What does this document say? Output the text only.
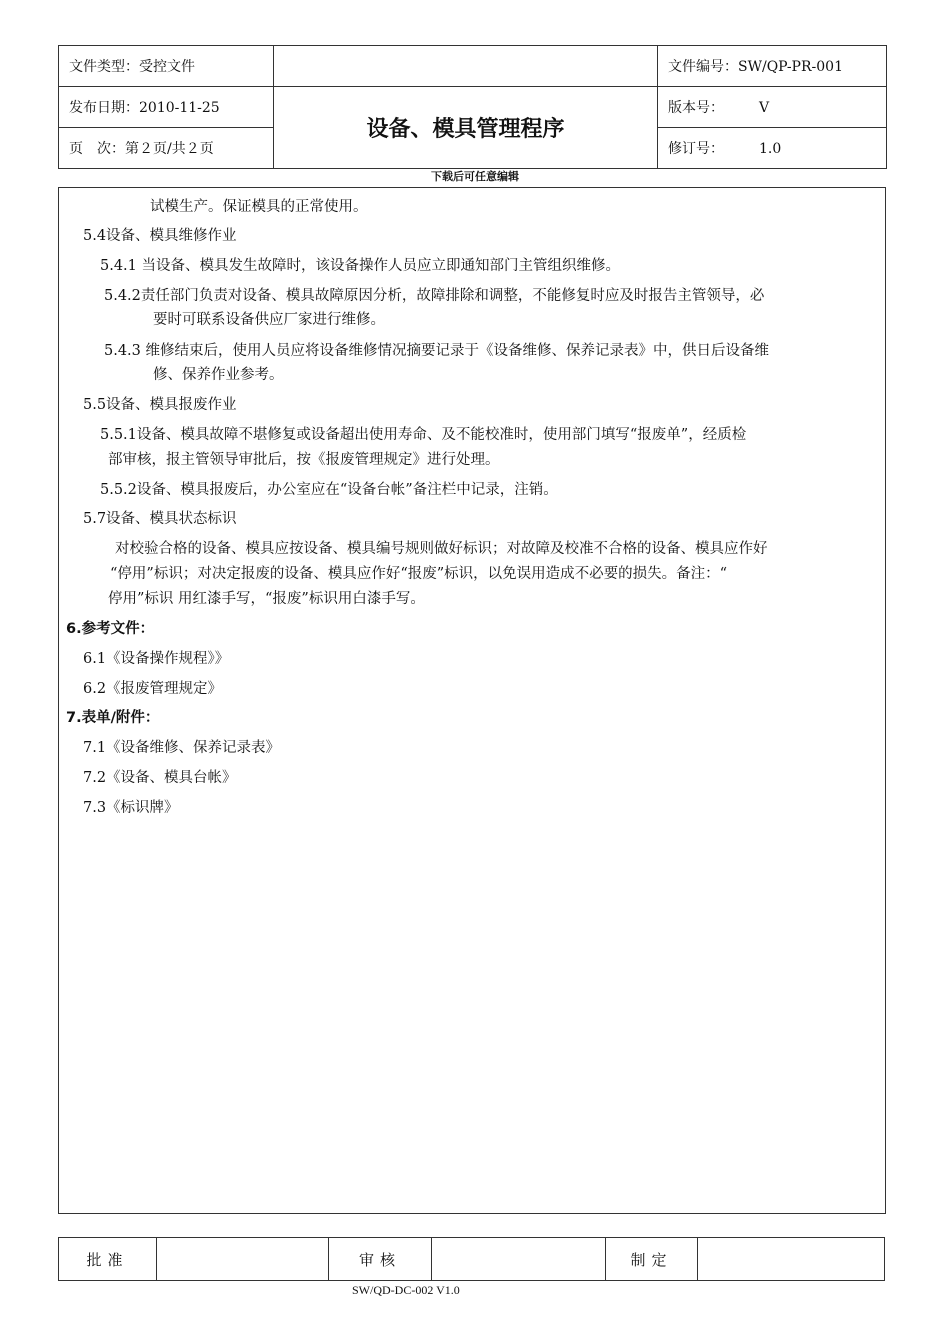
文件类型：受控文件		文件编号：SW/QP-PR-001
发布日期：2010-11-25	设备、模具管理程序	版本号：　　　V
页　次：第２页/共２页		修订号：　　　1.0
下载后可任意编辑
试模生产。保证模具的正常使用。
5.4设备、模具维修作业
5.4.1 当设备、模具发生故障时，该设备操作人员应立即通知部门主管组织维修。
5.4.2责任部门负责对设备、模具故障原因分析，故障排除和调整，不能修复时应及时报告主管领导，必
要时可联系设备供应厂家进行维修。
5.4.3 维修结束后，使用人员应将设备维修情况摘要记录于《设备维修、保养记录表》中，供日后设备维
修、保养作业参考。
5.5设备、模具报废作业
5.5.1设备、模具故障不堪修复或设备超出使用寿命、及不能校准时，使用部门填写“报废单”，经质检
部审核，报主管领导审批后，按《报废管理规定》进行处理。
5.5.2设备、模具报废后，办公室应在“设备台帐”备注栏中记录，注销。
5.7设备、模具状态标识
对校验合格的设备、模具应按设备、模具编号规则做好标识；对故障及校准不合格的设备、模具应作好
“停用”标识；对决定报废的设备、模具应作好“报废”标识，以免误用造成不必要的损失。备注：“
停用”标识 用红漆手写，“报废”标识用白漆手写。
6.参考文件：
6.1《设备操作规程》》
6.2《报废管理规定》
7.表单/附件：
7.1《设备维修、保养记录表》
7.2《设备、模具台帐》
7.3《标识牌》
批准		审核		制定	
SW/QD-DC-002 V1.0
